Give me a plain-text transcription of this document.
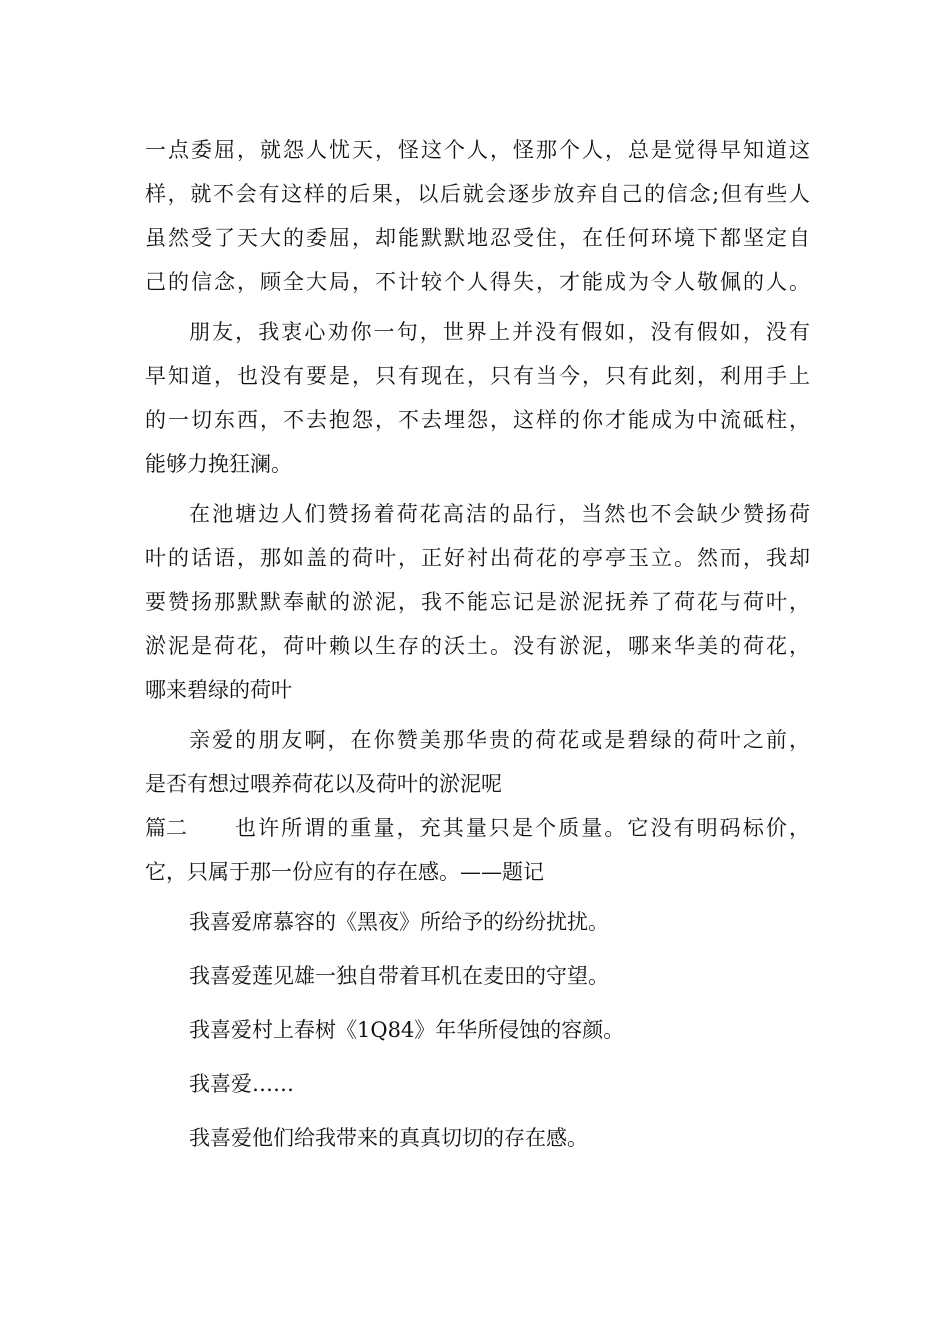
一点委屈，就怨人忧天，怪这个人，怪那个人，总是觉得早知道这
样，就不会有这样的后果，以后就会逐步放弃自己的信念;但有些人
虽然受了天大的委屈，却能默默地忍受住，在任何环境下都坚定自
己的信念，顾全大局，不计较个人得失，才能成为令人敬佩的人。
朋友，我衷心劝你一句，世界上并没有假如，没有假如，没有
早知道，也没有要是，只有现在，只有当今，只有此刻，利用手上
的一切东西，不去抱怨，不去埋怨，这样的你才能成为中流砥柱，
能够力挽狂澜。
在池塘边人们赞扬着荷花高洁的品行，当然也不会缺少赞扬荷
叶的话语，那如盖的荷叶，正好衬出荷花的亭亭玉立。然而，我却
要赞扬那默默奉献的淤泥，我不能忘记是淤泥抚养了荷花与荷叶，
淤泥是荷花，荷叶赖以生存的沃土。没有淤泥，哪来华美的荷花，
哪来碧绿的荷叶
亲爱的朋友啊，在你赞美那华贵的荷花或是碧绿的荷叶之前，
是否有想过喂养荷花以及荷叶的淤泥呢
篇二	也许所谓的重量，充其量只是个质量。它没有明码标价，
它，只属于那一份应有的存在感。——题记
我喜爱席慕容的《黑夜》所给予的纷纷扰扰。
我喜爱莲见雄一独自带着耳机在麦田的守望。
我喜爱村上春树《1Q84》年华所侵蚀的容颜。
我喜爱……
我喜爱他们给我带来的真真切切的存在感。
